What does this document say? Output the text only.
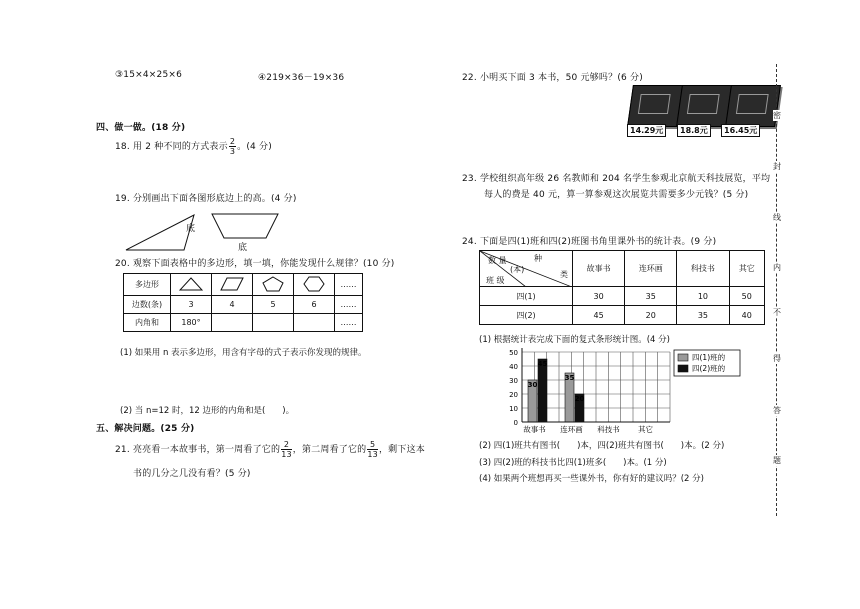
③15×4×25×6	④219×36－19×36
四、做一做。(18 分)
18. 用 2 种不同的方式表示 $\frac{2}{3}$ 。(4 分)
19. 分别画出下面各图形底边上的高。(4 分)
底
底
20. 观察下面表格中的多边形，填一填，你能发现什么规律？(10 分)
多边形					……
边数(条)	3	4	5	6	……
内角和	180°				……
(1) 如果用 n 表示多边形，用含有字母的式子表示你发现的规律。
(2) 当 n=12 时，12 边形的内角和是(　　)。
五、解决问题。(25 分)
21. 亮亮看一本故事书，第一周看了它的 $\frac{2}{13}$ ，第二周看了它的 $\frac{5}{13}$ ，剩下这本
书的几分之几没有看？(5 分)
22. 小明买下面 3 本书，50 元够吗？(6 分)
14.29元	18.8元	16.45元
23. 学校组织高年级 26 名教师和 204 名学生参观北京航天科技展览，平均
每人的费是 40 元，算一算参观这次展览共需要多少元钱？(5 分)
24. 下面是四(1)班和四(2)班图书角里课外书的统计表。(9 分)
种
类
数 量
(本)
班 级	故事书	连环画	科技书	其它
四(1)	30	35	10	50
四(2)	45	20	35	40
(1) 根据统计表完成下面的复式条形统计图。(4 分)
0
10
20
30
40
50
30
45
故事书
35
20
连环画 科技书 其它
四(1)班的
四(2)班的
(2) 四(1)班共有图书(　　)本，四(2)班共有图书(　　)本。(2 分)
(3) 四(2)班的科技书比四(1)班多(　　)本。(1 分)
(4) 如果两个班想再买一些课外书，你有好的建议吗？(2 分)
密
封
线
内
不
得
答
题
